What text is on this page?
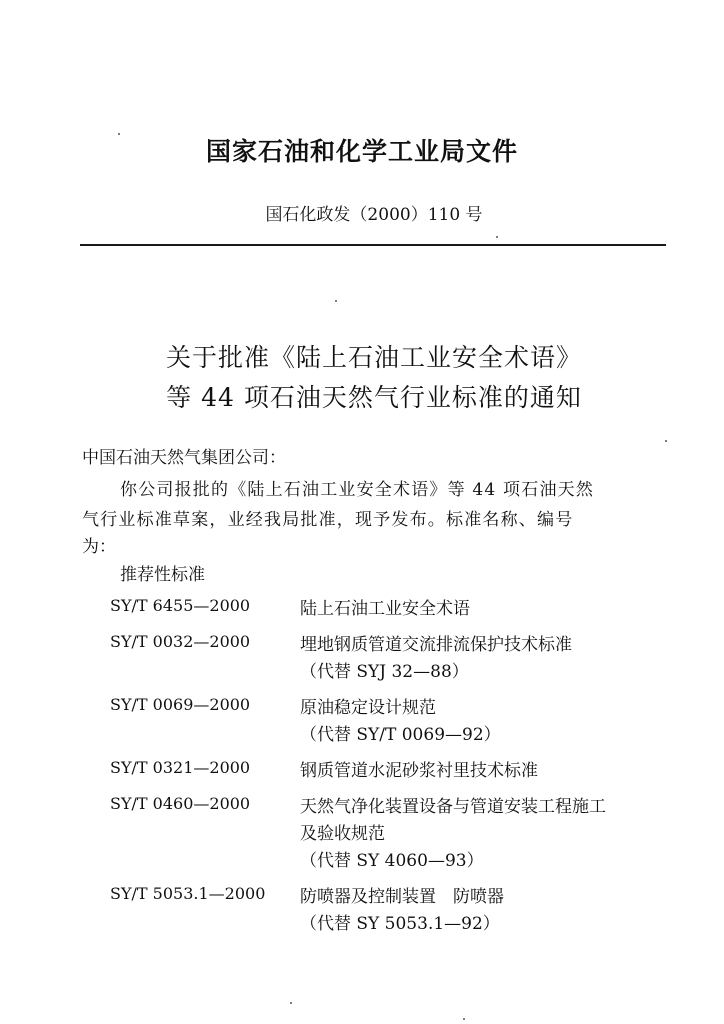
国家石油和化学工业局文件
国石化政发（2000）110 号
关于批准《陆上石油工业安全术语》
等 44 项石油天然气行业标准的通知
中国石油天然气集团公司：
你公司报批的《陆上石油工业安全术语》等 44 项石油天然
气行业标准草案，业经我局批准，现予发布。标准名称、编号
为：
推荐性标准
SY/T 6455—2000	陆上石油工业安全术语
SY/T 0032—2000	埋地钢质管道交流排流保护技术标准
（代替 SYJ 32—88）
SY/T 0069—2000	原油稳定设计规范
（代替 SY/T 0069—92）
SY/T 0321—2000	钢质管道水泥砂浆衬里技术标准
SY/T 0460—2000	天然气净化装置设备与管道安装工程施工
及验收规范
（代替 SY 4060—93）
SY/T 5053.1—2000 防喷器及控制装置　防喷器
（代替 SY 5053.1—92）
